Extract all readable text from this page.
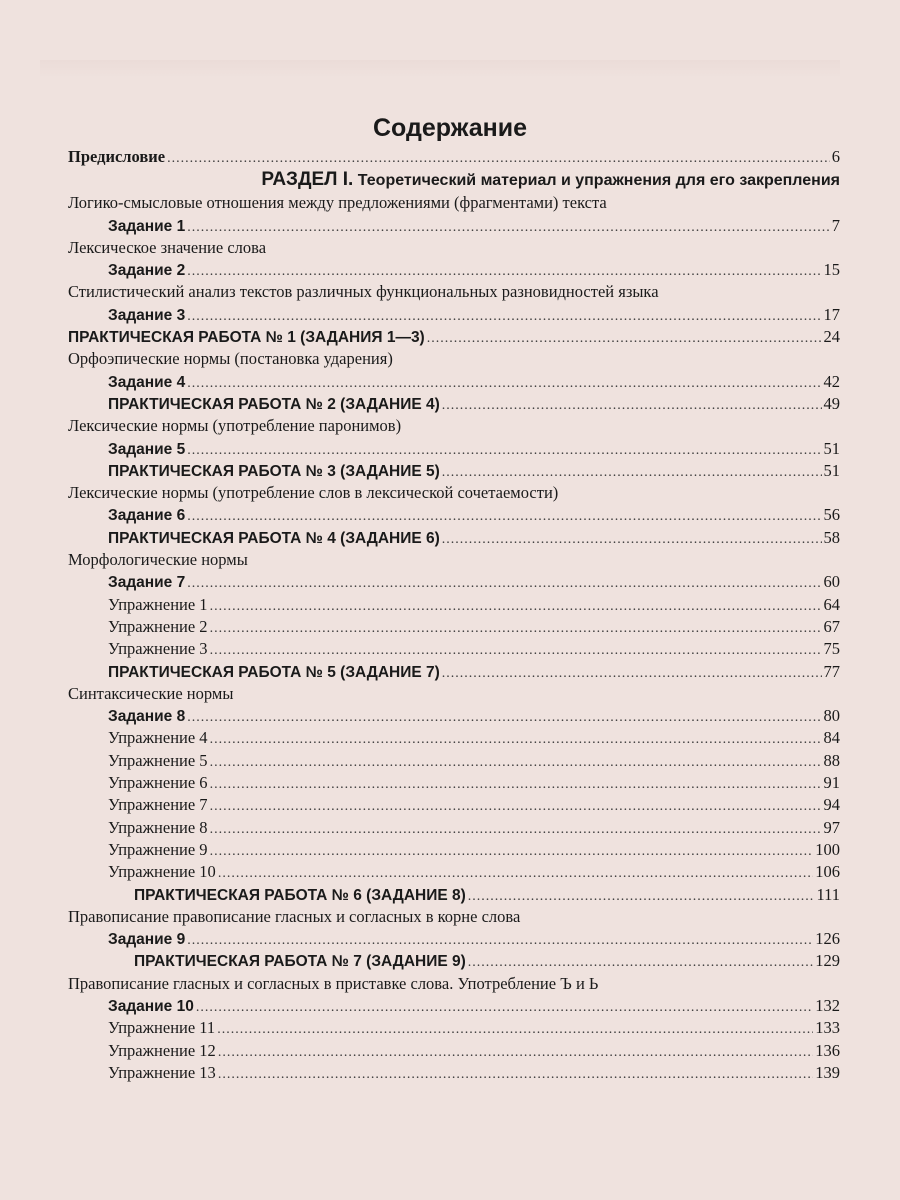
Содержание
Предисловие .....	6
РАЗДЕЛ I. Теоретический материал и упражнения для его закрепления
Логико-смысловые отношения между предложениями (фрагментами) текста
Задание 1 .....	7
Лексическое значение слова
Задание 2 .....	15
Стилистический анализ текстов различных функциональных разновидностей языка
Задание 3 .....	17
ПРАКТИЧЕСКАЯ РАБОТА № 1 (ЗАДАНИЯ 1—3) .....	24
Орфоэпические нормы (постановка ударения)
Задание 4 .....	42
ПРАКТИЧЕСКАЯ РАБОТА № 2 (ЗАДАНИЕ 4) .....	49
Лексические нормы (употребление паронимов)
Задание 5 .....	51
ПРАКТИЧЕСКАЯ РАБОТА № 3 (ЗАДАНИЕ 5) .....	51
Лексические нормы (употребление слов в лексической сочетаемости)
Задание 6 .....	56
ПРАКТИЧЕСКАЯ РАБОТА № 4 (ЗАДАНИЕ 6) .....	58
Морфологические нормы
Задание 7 .....	60
Упражнение 1 .....	64
Упражнение 2 .....	67
Упражнение 3 .....	75
ПРАКТИЧЕСКАЯ РАБОТА № 5 (ЗАДАНИЕ 7) .....	77
Синтаксические нормы
Задание 8 .....	80
Упражнение 4 .....	84
Упражнение 5 .....	88
Упражнение 6 .....	91
Упражнение 7 .....	94
Упражнение 8 .....	97
Упражнение 9 .....	100
Упражнение 10 .....	106
ПРАКТИЧЕСКАЯ РАБОТА № 6 (ЗАДАНИЕ 8) .....	111
Правописание правописание гласных и согласных в корне слова
Задание 9 .....	126
ПРАКТИЧЕСКАЯ РАБОТА № 7 (ЗАДАНИЕ 9) .....	129
Правописание гласных и согласных в приставке слова. Употребление Ъ и Ь
Задание 10 .....	132
Упражнение 11 .....	133
Упражнение 12 .....	136
Упражнение 13 .....	139
